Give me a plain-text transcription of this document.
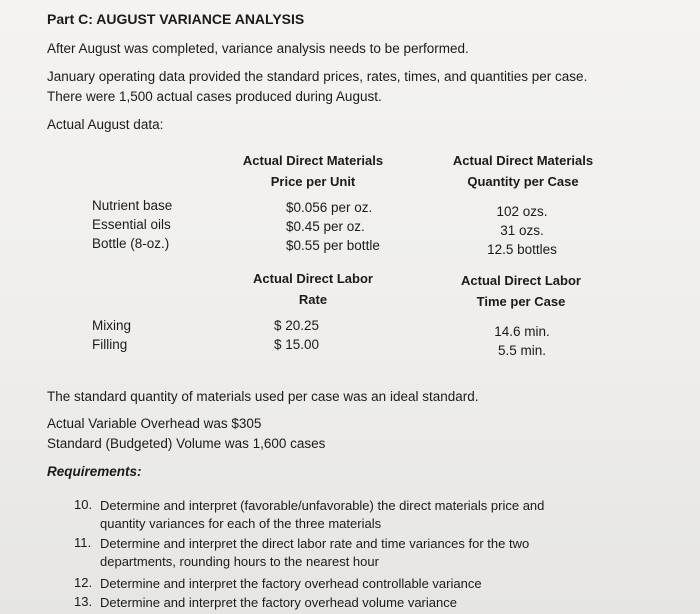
Part C: AUGUST VARIANCE ANALYSIS
After August was completed, variance analysis needs to be performed.
January operating data provided the standard prices, rates, times, and quantities per case.
There were 1,500 actual cases produced during August.
Actual August data:
Actual Direct Materials
Price per Unit
Actual Direct Materials
Quantity per Case
Nutrient base
Essential oils
Bottle (8-oz.)
$0.056 per oz.
$0.45 per oz.
$0.55 per bottle
102 ozs.
31 ozs.
12.5 bottles
Actual Direct Labor
Rate
Actual Direct Labor
Time per Case
Mixing
Filling
$ 20.25
$ 15.00
14.6 min.
5.5 min.
The standard quantity of materials used per case was an ideal standard.
Actual Variable Overhead was $305
Standard (Budgeted) Volume was 1,600 cases
Requirements:
10. Determine and interpret (favorable/unfavorable) the direct materials price and
quantity variances for each of the three materials
11. Determine and interpret the direct labor rate and time variances for the two
departments, rounding hours to the nearest hour
12. Determine and interpret the factory overhead controllable variance
13. Determine and interpret the factory overhead volume variance
